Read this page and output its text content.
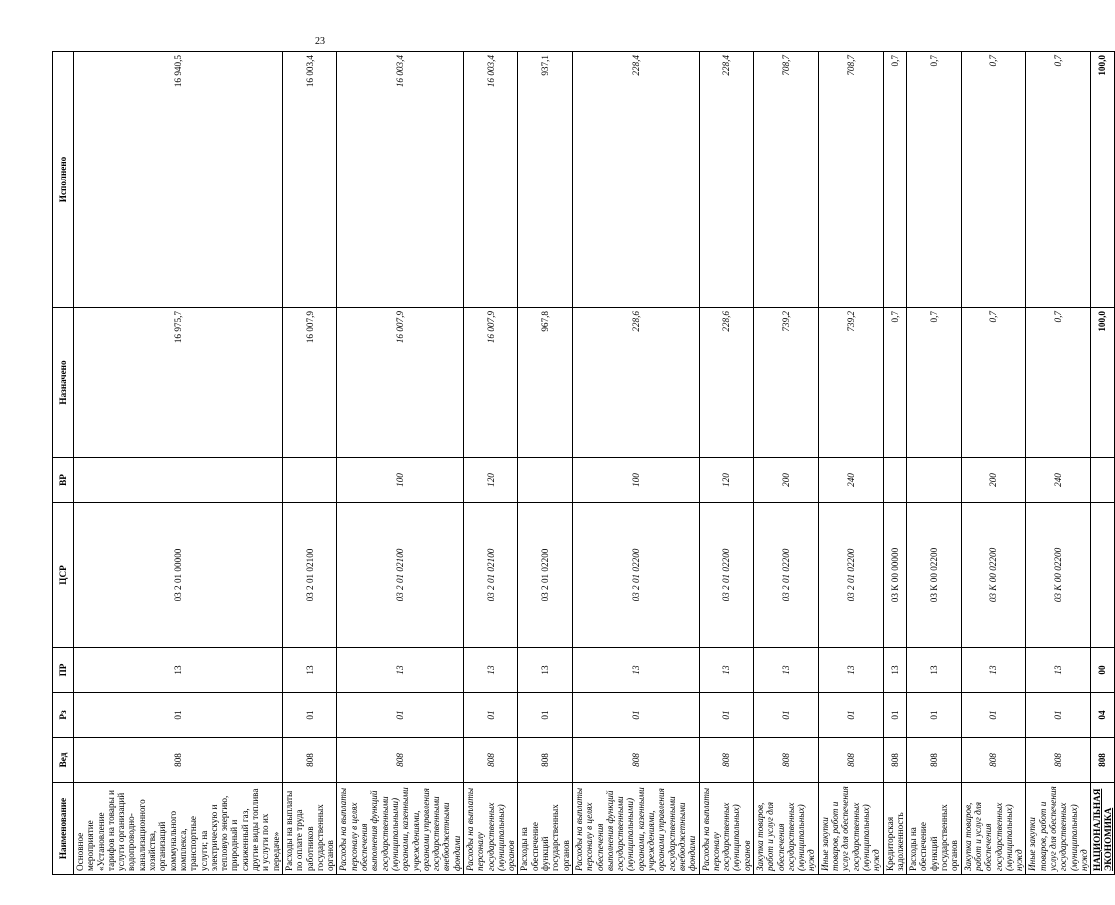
23
Наименование	Вед	Рз	ПР	ЦСР	ВР	Назначено	Исполнено
Основное мероприятие «Установление тарифов на товары и услуги организаций водопроводно-канализационного хозяйства, организаций коммунального комплекса, транспортные услуги; на электрическую и тепловую энергию, природный и сжиженный газ, другие виды топлива и услуги по их передаче»	808	01	13	03 2 01 00000		16 975,7	16 940,5
Расходы на выплаты по оплате труда работников государственных органов	808	01	13	03 2 01 02100		16 007,9	16 003,4
Расходы на выплаты персоналу в целях обеспечения выполнения функций государственными (муниципальными) органами, казенными учреждениями, органами управления государственными внебюджетными фондами	808	01	13	03 2 01 02100	100	16 007,9	16 003,4
Расходы на выплаты персоналу государственных (муниципальных) органов	808	01	13	03 2 01 02100	120	16 007,9	16 003,4
Расходы на обеспечение функций государственных органов	808	01	13	03 2 01 02200		967,8	937,1
Расходы на выплаты персоналу в целях обеспечения выполнения функций государственными (муниципальными) органами, казенными учреждениями, органами управления государственными внебюджетными фондами	808	01	13	03 2 01 02200	100	228,6	228,4
Расходы на выплаты персоналу государственных (муниципальных) органов	808	01	13	03 2 01 02200	120	228,6	228,4
Закупка товаров, работ и услуг для обеспечения государственных (муниципальных) нужд	808	01	13	03 2 01 02200	200	739,2	708,7
Иные закупки товаров, работ и услуг для обеспечения государственных (муниципальных) нужд	808	01	13	03 2 01 02200	240	739,2	708,7
Кредиторская задолженность	808	01	13	03 К 00 00000		0,7	0,7
Расходы на обеспечение функций государственных органов	808	01	13	03 К 00 02200		0,7	0,7
Закупка товаров, работ и услуг для обеспечения государственных (муниципальных) нужд	808	01	13	03 К 00 02200	200	0,7	0,7
Иные закупки товаров, работ и услуг для обеспечения государственных (муниципальных) нужд	808	01	13	03 К 00 02200	240	0,7	0,7
НАЦИОНАЛЬНАЯ ЭКОНОМИКА	808	04	00			100,0	100,0
